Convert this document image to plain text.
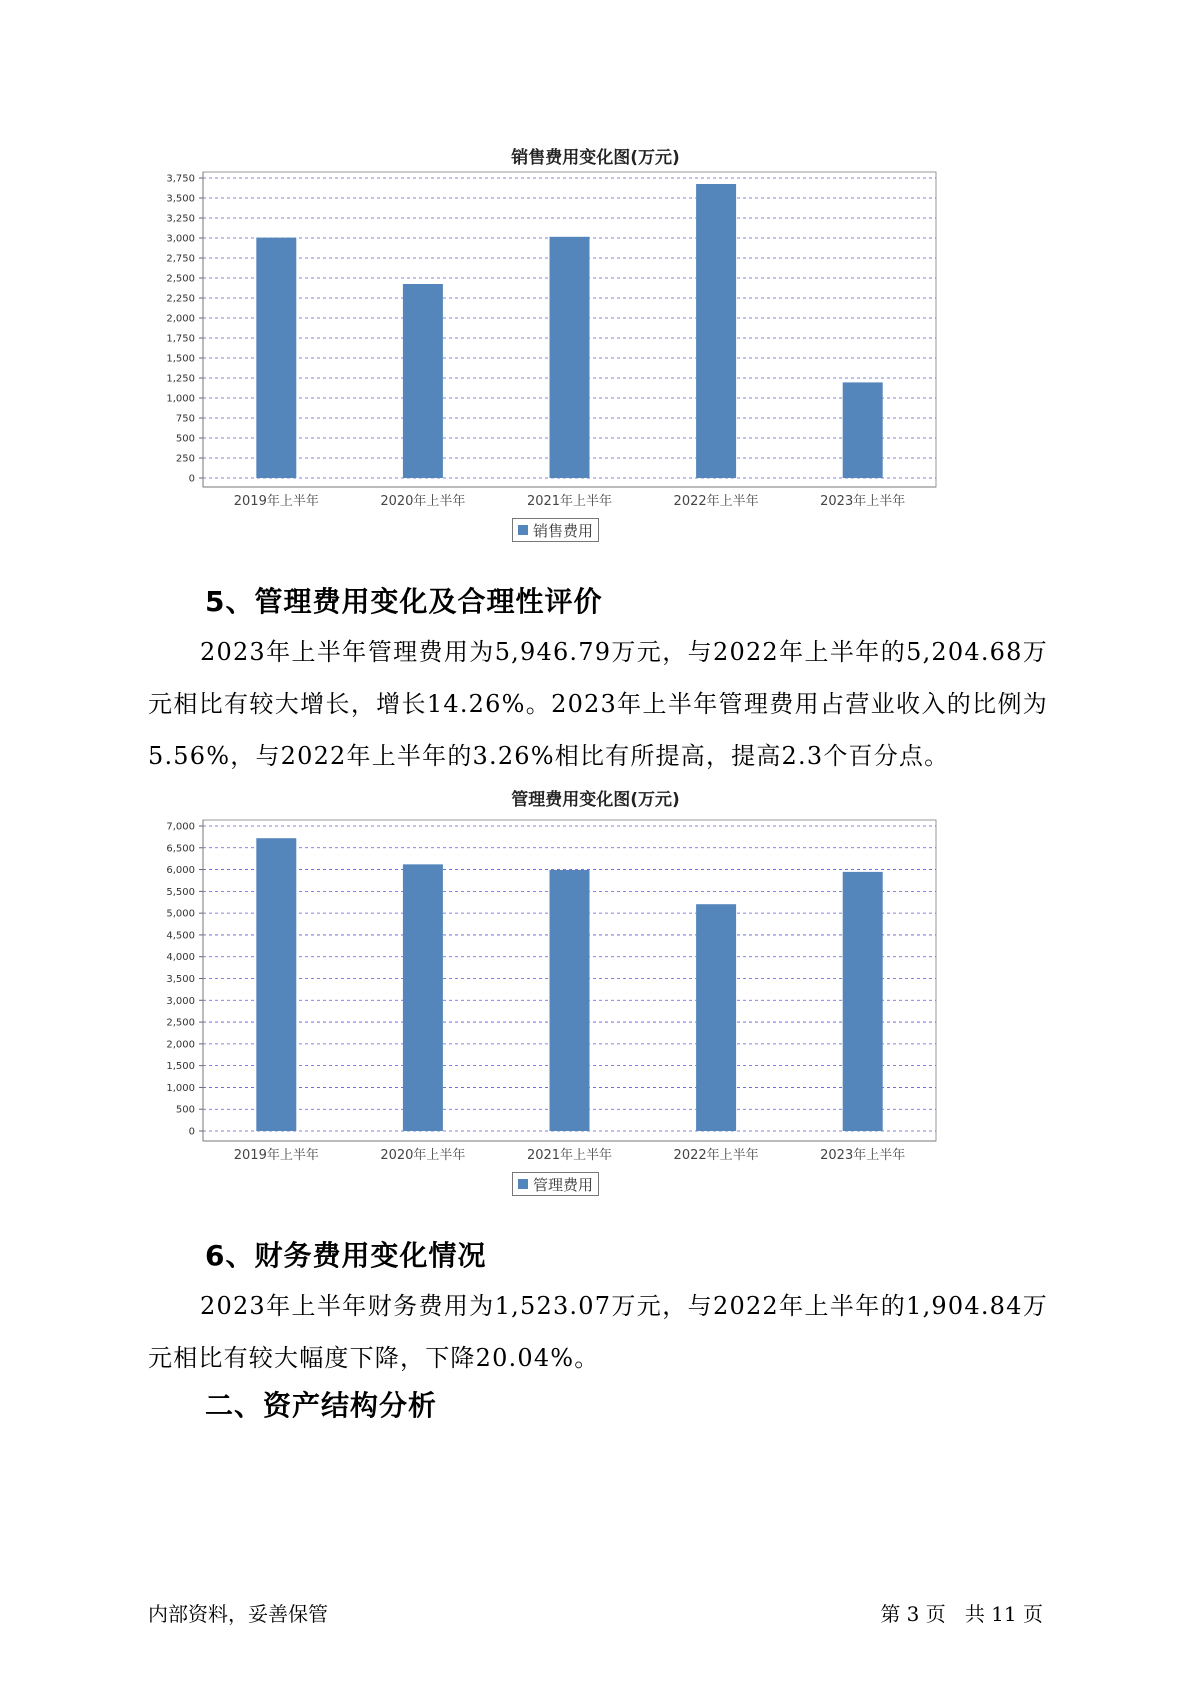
销售费用变化图(万元)
0
250
500
750
1,000
1,250
1,500
1,750
2,000
2,250
2,500
2,750
3,000
3,250
3,500
3,750
2019年上半年	2020年上半年	2021年上半年	2022年上半年	2023年上半年
销售费用
5、管理费用变化及合理性评价

2023年上半年管理费用为5,946.79万元，与2022年上半年的5,204.68万元相比有较大增长，增长14.26%。2023年上半年管理费用占营业收入的比例为5.56%，与2022年上半年的3.26%相比有所提高，提高2.3个百分点。

管理费用变化图(万元)
0
500
1,000
1,500
2,000
2,500
3,000
3,500
4,000
4,500
5,000
5,500
6,000
6,500
7,000
2019年上半年	2020年上半年	2021年上半年	2022年上半年	2023年上半年
管理费用
6、财务费用变化情况

2023年上半年财务费用为1,523.07万元，与2022年上半年的1,904.84万元相比有较大幅度下降，下降20.04%。

二、资产结构分析
内部资料，妥善保管	第 3 页   共 11 页
